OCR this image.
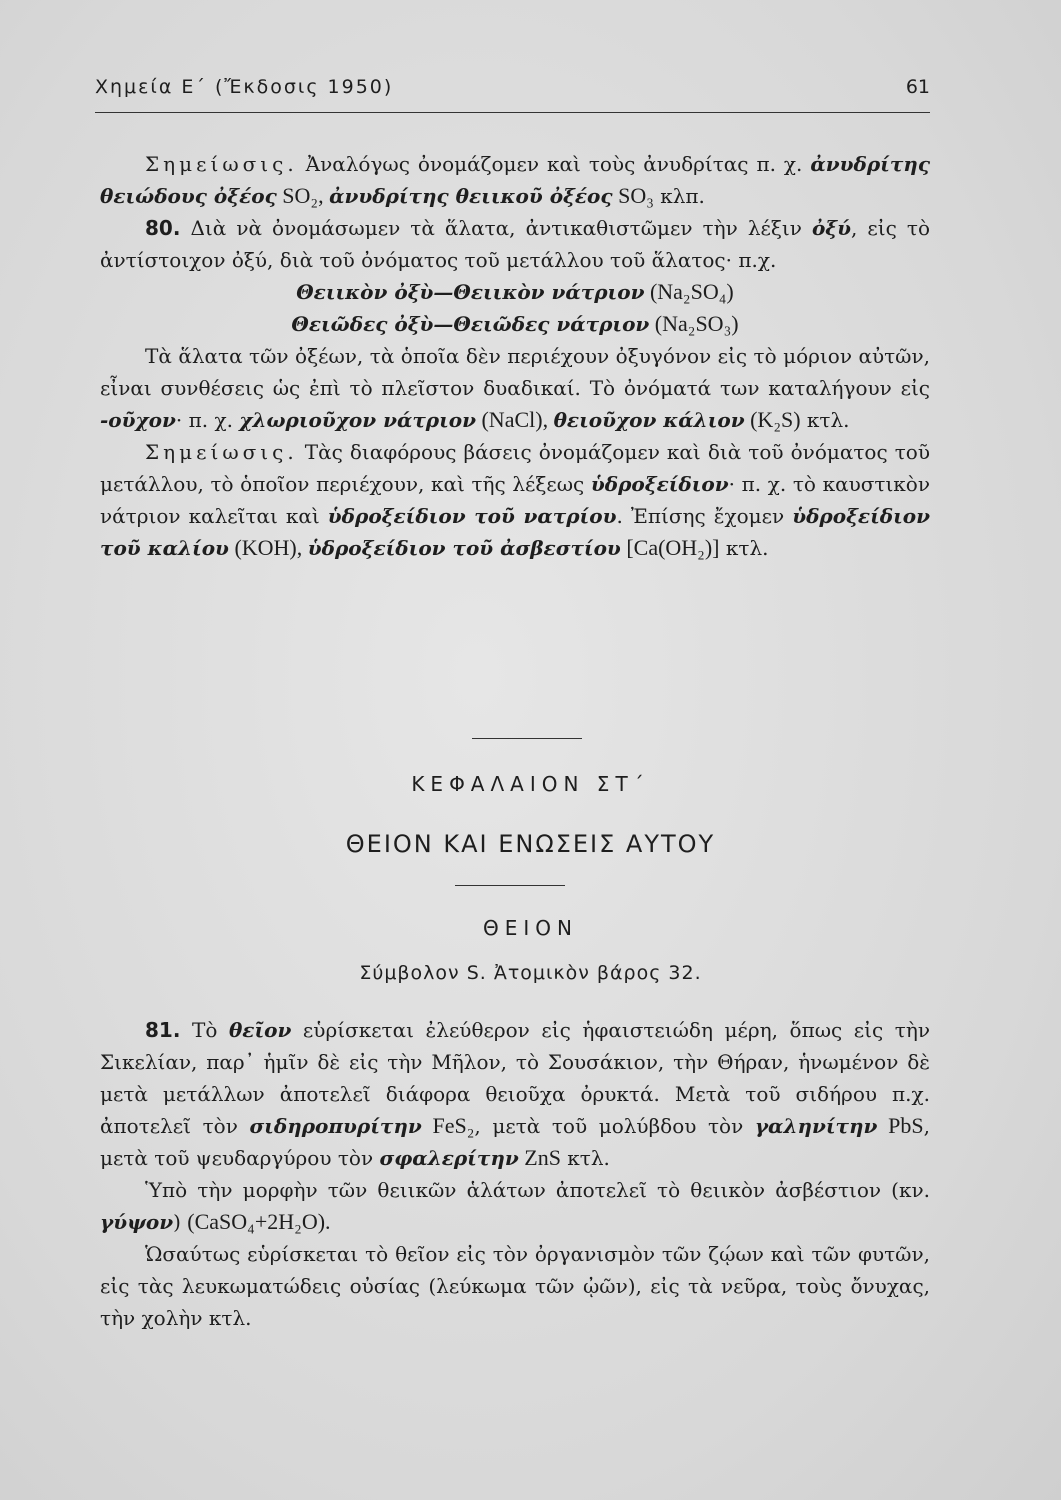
Χημεία Ε΄ (Ἔκδοσις 1950)	61

Σημείωσις. Ἀναλόγως ὀνομάζομεν καὶ τοὺς ἀνυδρίτας π. χ. ἀνυδρίτης θειώδους ὀξέος SO₂, ἀνυδρίτης θειικοῦ ὀξέος SO₃ κλπ.

80. Διὰ νὰ ὀνομάσωμεν τὰ ἅλατα, ἀντικαθιστῶμεν τὴν λέξιν ὀξύ, εἰς τὸ ἀντίστοιχον ὀξύ, διὰ τοῦ ὀνόματος τοῦ μετάλλου τοῦ ἅλατος· π.χ.

Θειικὸν ὀξὺ—Θειικὸν νάτριον (Na₂SO₄)

Θειῶδες ὀξὺ—Θειῶδες νάτριον (Na₂SO₃)

Τὰ ἅλατα τῶν ὀξέων, τὰ ὁποῖα δὲν περιέχουν ὀξυγόνον εἰς τὸ μόριον αὐτῶν, εἶναι συνθέσεις ὡς ἐπὶ τὸ πλεῖστον δυαδικαί. Τὸ ὀνόματά των καταλήγουν εἰς -οῦχον· π. χ. χλωριοῦχον νάτριον (NaCl), θειοῦχον κάλιον (K₂S) κτλ.

Σημείωσις. Τὰς διαφόρους βάσεις ὀνομάζομεν καὶ διὰ τοῦ ὀνόματος τοῦ μετάλλου, τὸ ὁποῖον περιέχουν, καὶ τῆς λέξεως ὑδροξείδιον· π. χ. τὸ καυστικὸν νάτριον καλεῖται καὶ ὑδροξείδιον τοῦ νατρίου. Ἐπίσης ἔχομεν ὑδροξείδιον τοῦ καλίου (KOH), ὑδροξείδιον τοῦ ἀσβεστίου [Ca(OH₂)] κτλ.

ΚΕΦΑΛΑΙΟΝ ΣΤ΄
ΘΕΙΟΝ ΚΑΙ ΕΝΩΣΕΙΣ ΑΥΤΟΥ
ΘΕΙΟΝ
Σύμβολον S. Ἀτομικὸν βάρος 32.

81. Τὸ θεῖον εὑρίσκεται ἐλεύθερον εἰς ἡφαιστειώδη μέρη, ὅπως εἰς τὴν Σικελίαν, παρ᾽ ἡμῖν δὲ εἰς τὴν Μῆλον, τὸ Σουσάκιον, τὴν Θήραν, ἡνωμένον δὲ μετὰ μετάλλων ἀποτελεῖ διάφορα θειοῦχα ὀρυκτά. Μετὰ τοῦ σιδήρου π.χ. ἀποτελεῖ τὸν σιδηροπυρίτην FeS₂, μετὰ τοῦ μολύβδου τὸν γαληνίτην PbS, μετὰ τοῦ ψευδαργύρου τὸν σφαλερίτην ZnS κτλ.

Ὑπὸ τὴν μορφὴν τῶν θειικῶν ἁλάτων ἀποτελεῖ τὸ θειικὸν ἀσβέστιον (κν. γύψον) (CaSO₄+2H₂O).

Ὡσαύτως εὑρίσκεται τὸ θεῖον εἰς τὸν ὀργανισμὸν τῶν ζῴων καὶ τῶν φυτῶν, εἰς τὰς λευκωματώδεις οὐσίας (λεύκωμα τῶν ᾠῶν), εἰς τὰ νεῦρα, τοὺς ὄνυχας, τὴν χολὴν κτλ.
